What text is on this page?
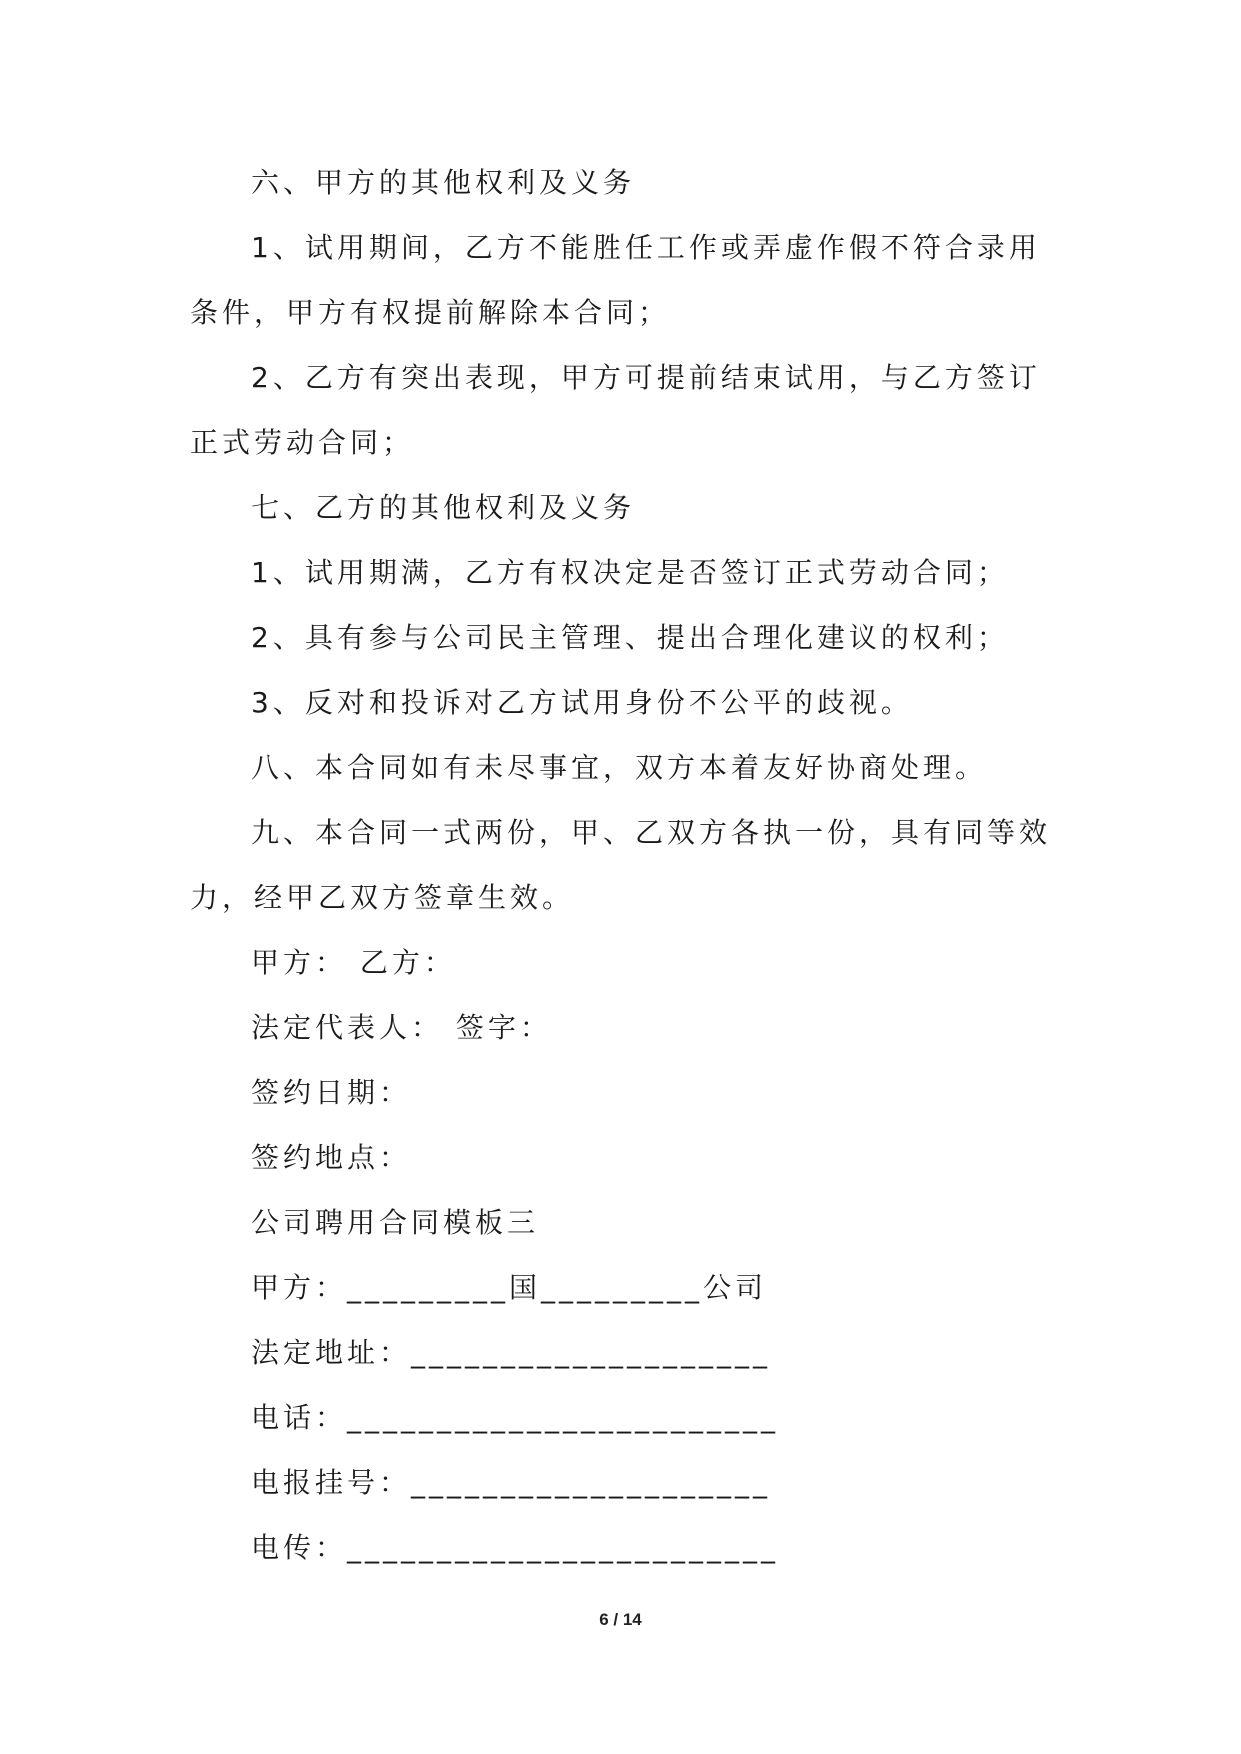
六、甲方的其他权利及义务

1、试用期间，乙方不能胜任工作或弄虚作假不符合录用条件，甲方有权提前解除本合同；

2、乙方有突出表现，甲方可提前结束试用，与乙方签订正式劳动合同；

七、乙方的其他权利及义务

1、试用期满，乙方有权决定是否签订正式劳动合同；

2、具有参与公司民主管理、提出合理化建议的权利；

3、反对和投诉对乙方试用身份不公平的歧视。

八、本合同如有未尽事宜，双方本着友好协商处理。

九、本合同一式两份，甲、乙双方各执一份，具有同等效力，经甲乙双方签章生效。

甲方： 乙方：

法定代表人： 签字：

签约日期：

签约地点：

公司聘用合同模板三

甲方：_________国_________公司

法定地址：____________________

电话：________________________

电报挂号：____________________

电传：________________________

6 / 14
